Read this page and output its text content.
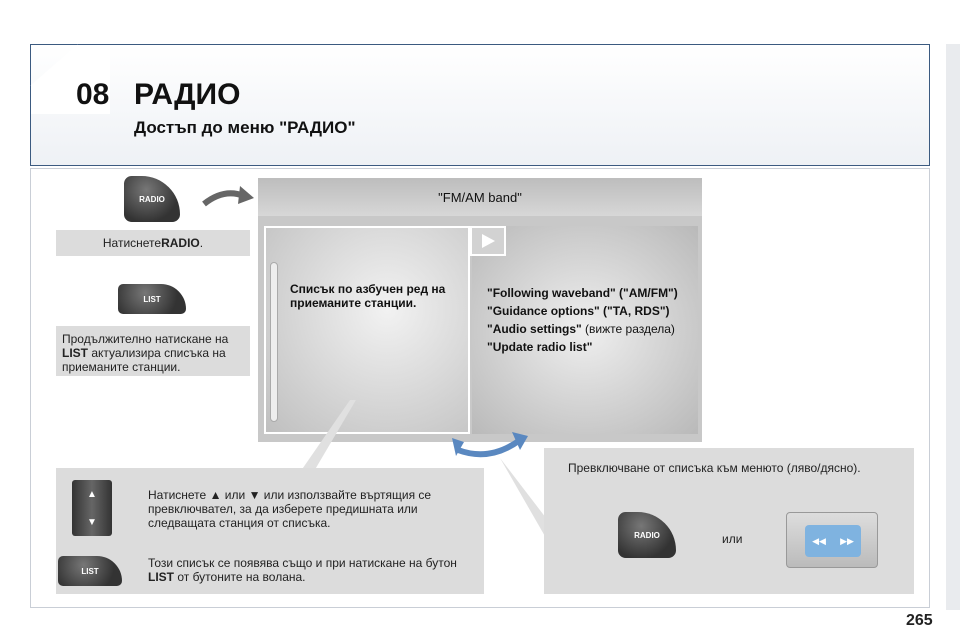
08 РАДИО
Достъп до меню "РАДИО"
RADIO
Натиснете RADIO .
LIST
Продължително натискане на
LIST актуализира списъка на
приеманите станции.
"FM/AM band"
Списък по азбучен ред на приеманите станции.
"Following waveband" ("AM/FM")
"Guidance options" ("TA, RDS")
"Audio settings" (вижте раздела)
"Update radio list"
Превключване от списъка към менюто (ляво/дясно).
RADIO	или	◀◀ ▶▶
▲
▼
Натиснете ▲ или ▼ или използвайте въртящия се превключвател, за да изберете предишната или следващата станция от списъка.
LIST
Този списък се появява също и при натискане на бутон LIST от бутоните на волана.
265
